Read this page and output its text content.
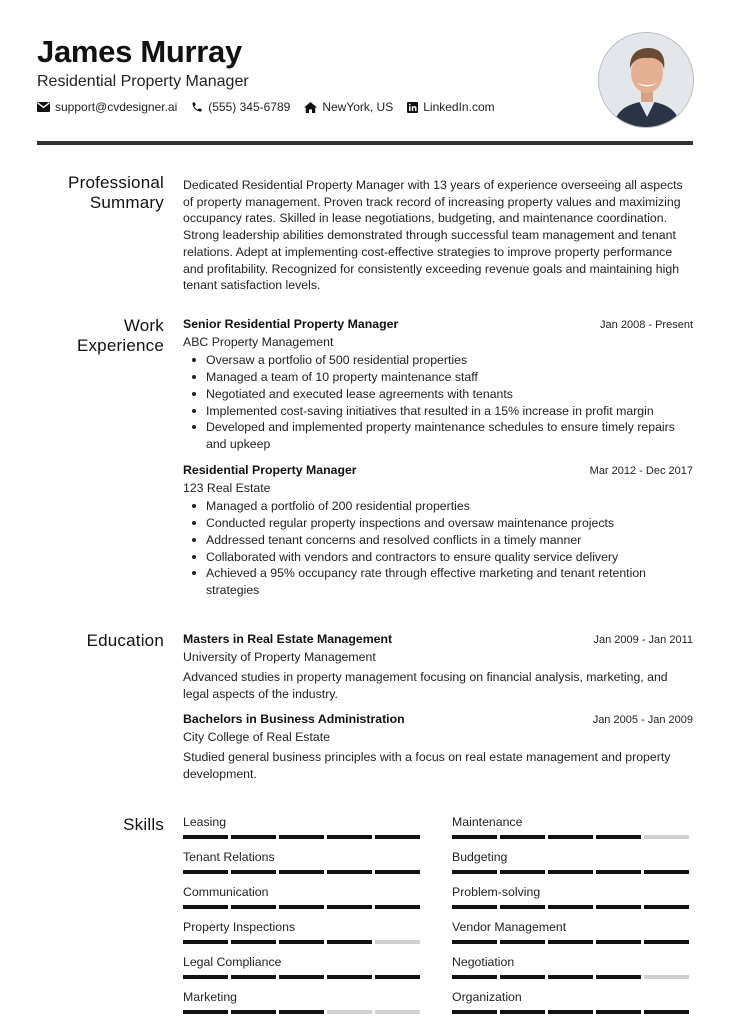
James Murray
Residential Property Manager
support@cvdesigner.ai	(555) 345-6789	NewYork, US	LinkedIn.com
Professional
Summary
Dedicated Residential Property Manager with 13 years of experience overseeing all aspects of property management. Proven track record of increasing property values and maximizing occupancy rates. Skilled in lease negotiations, budgeting, and maintenance coordination. Strong leadership abilities demonstrated through successful team management and tenant relations. Adept at implementing cost-effective strategies to improve property performance and profitability. Recognized for consistently exceeding revenue goals and maintaining high tenant satisfaction levels.
Work
Experience
Senior Residential Property Manager	Jan 2008 - Present
ABC Property Management
Oversaw a portfolio of 500 residential properties
Managed a team of 10 property maintenance staff
Negotiated and executed lease agreements with tenants
Implemented cost-saving initiatives that resulted in a 15% increase in profit margin
Developed and implemented property maintenance schedules to ensure timely repairs and upkeep
Residential Property Manager	Mar 2012 - Dec 2017
123 Real Estate
Managed a portfolio of 200 residential properties
Conducted regular property inspections and oversaw maintenance projects
Addressed tenant concerns and resolved conflicts in a timely manner
Collaborated with vendors and contractors to ensure quality service delivery
Achieved a 95% occupancy rate through effective marketing and tenant retention strategies
Education Masters in Real Estate Management	Jan 2009 - Jan 2011
University of Property Management
Advanced studies in property management focusing on financial analysis, marketing, and legal aspects of the industry.
Bachelors in Business Administration	Jan 2005 - Jan 2009
City College of Real Estate
Studied general business principles with a focus on real estate management and property development.
Skills Leasing	Maintenance
Tenant Relations	Budgeting
Communication	Problem-solving
Property Inspections	Vendor Management
Legal Compliance	Negotiation
Marketing	Organization
